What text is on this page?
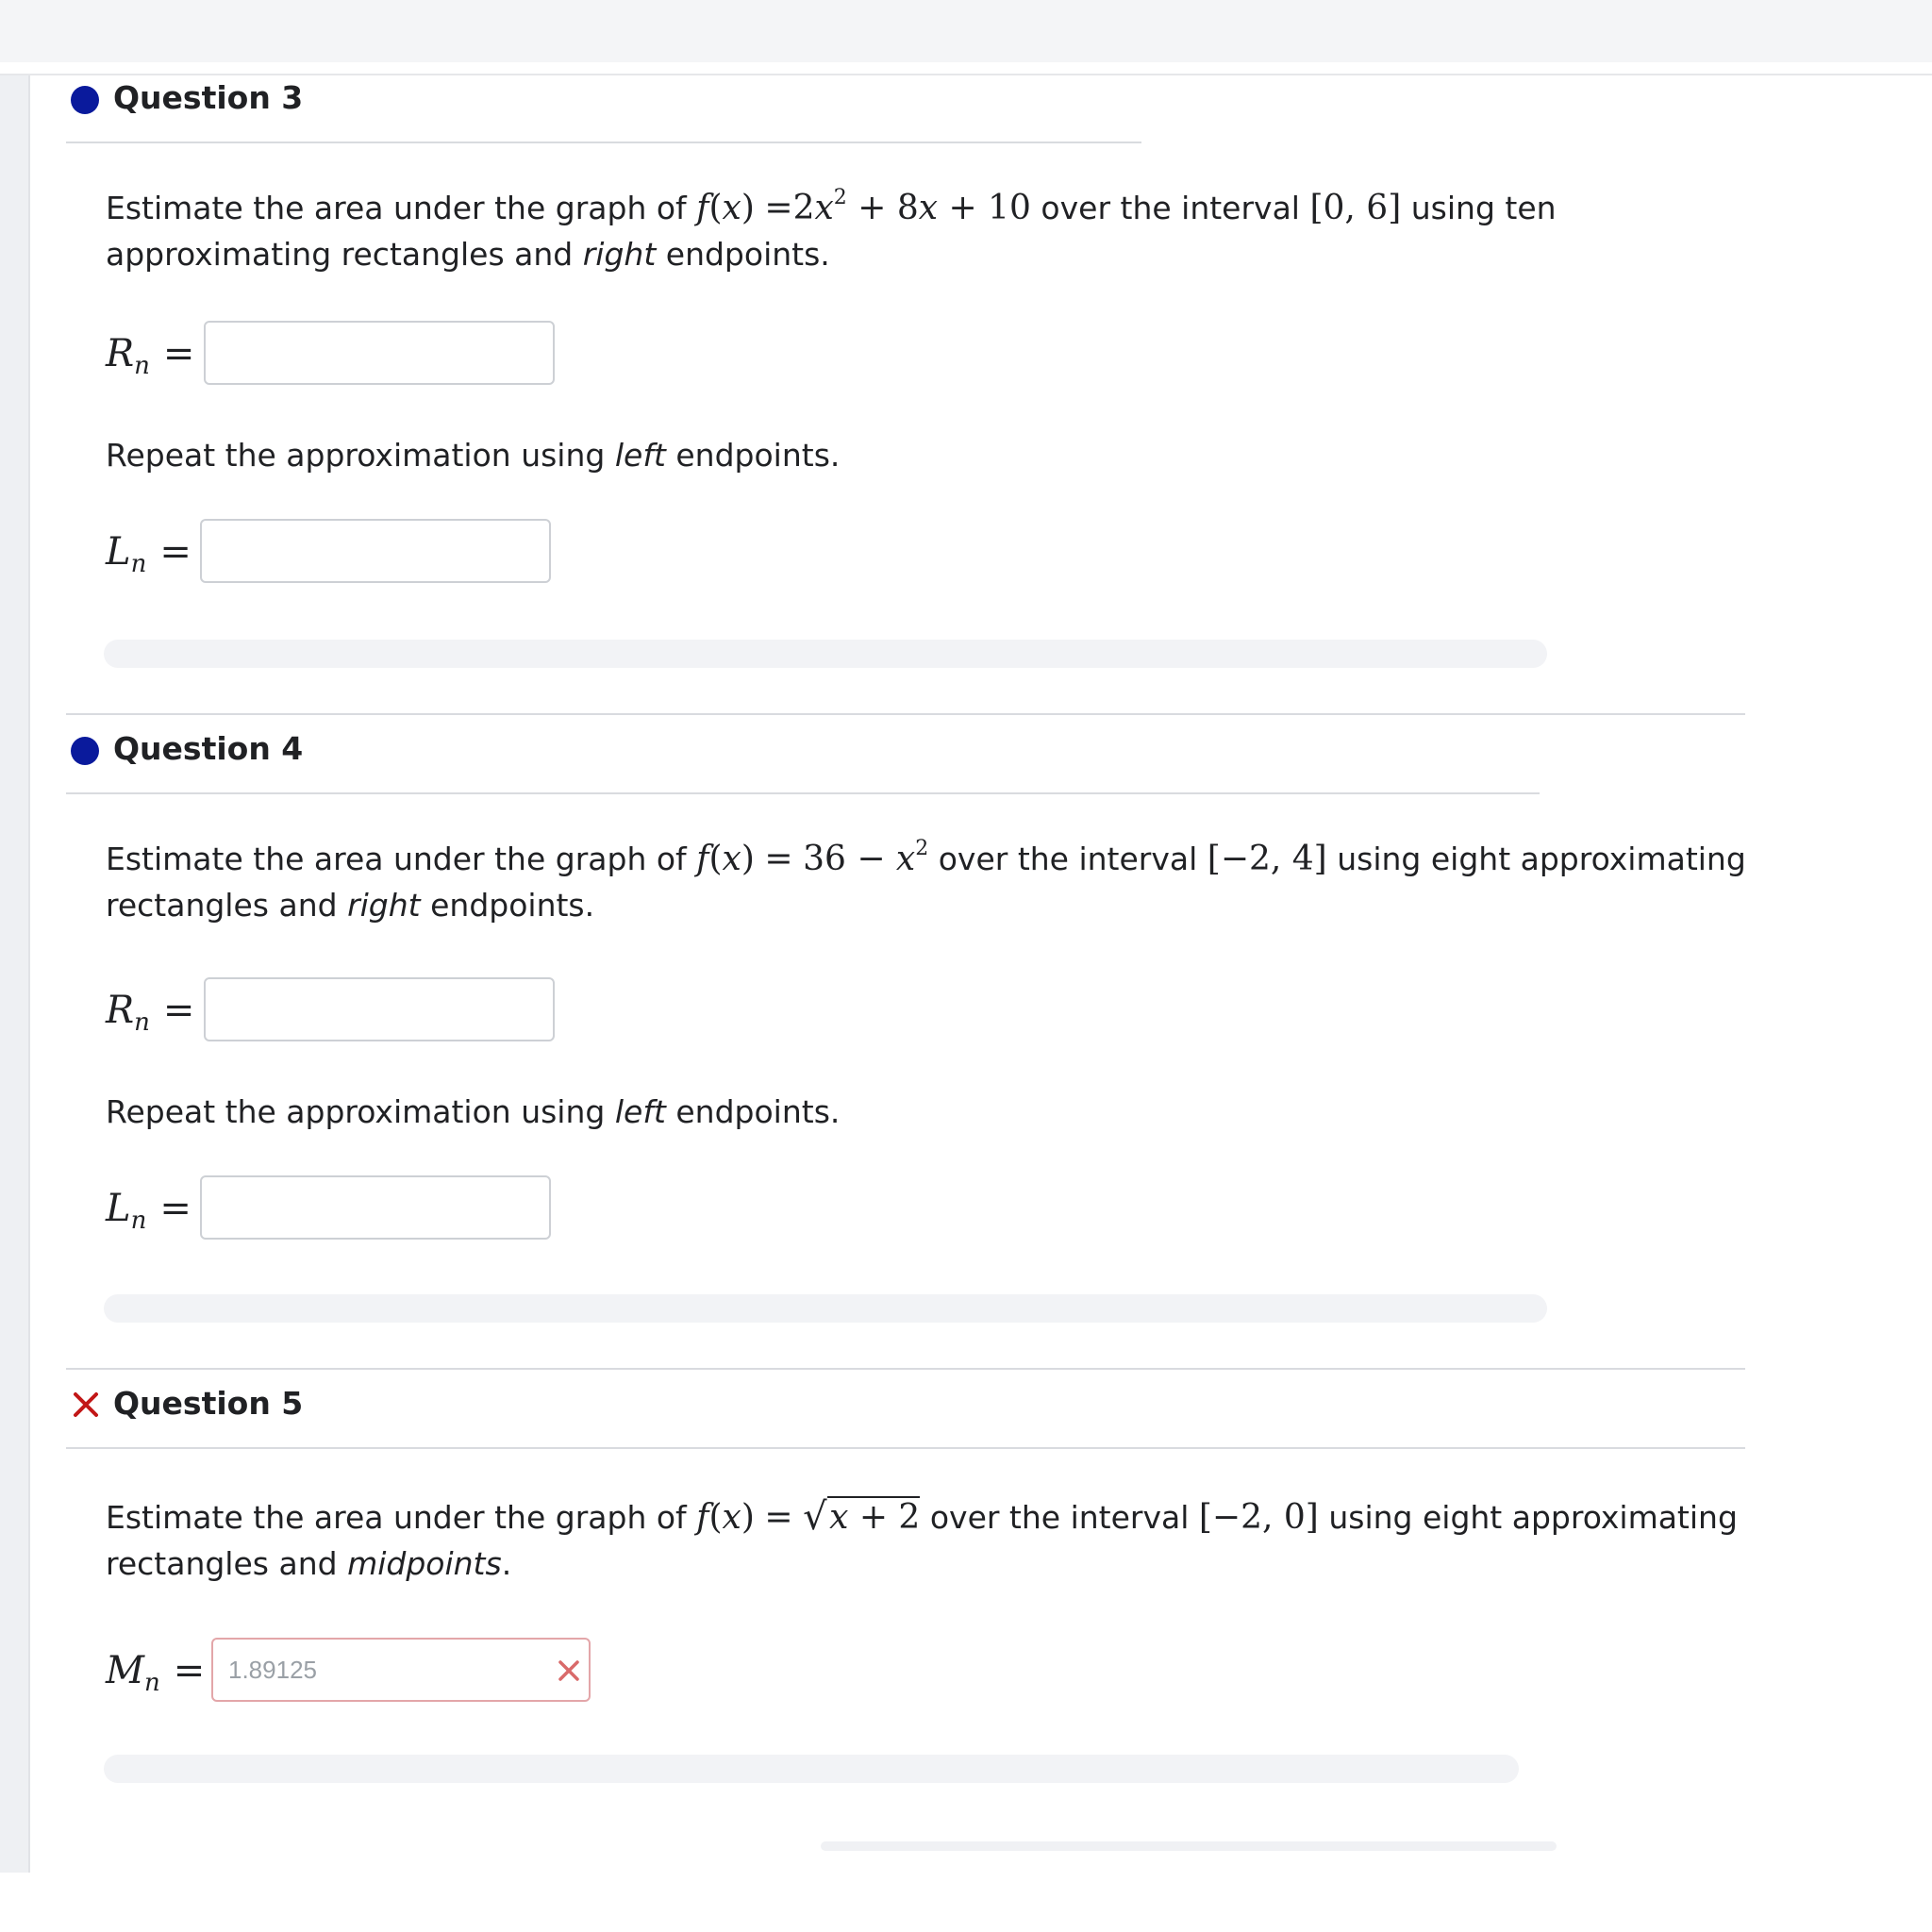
Question 3
Estimate the area under the graph of $f(x) =2x^2 + 8x + 10$ over the interval [0, 6] using ten
approximating rectangles and right endpoints.
$R_n$ =
Repeat the approximation using left endpoints.
$L_n$ =
Question 4
Estimate the area under the graph of $f(x) = 36 - x^2$ over the interval [−2, 4] using eight approximating
rectangles and right endpoints.
$R_n$ =
Repeat the approximation using left endpoints.
$L_n$ =
Question 5
Estimate the area under the graph of f(x) = √ x + 2 over the interval [−2, 0] using eight approximating
rectangles and midpoints.
$M_n$ =
1.89125
